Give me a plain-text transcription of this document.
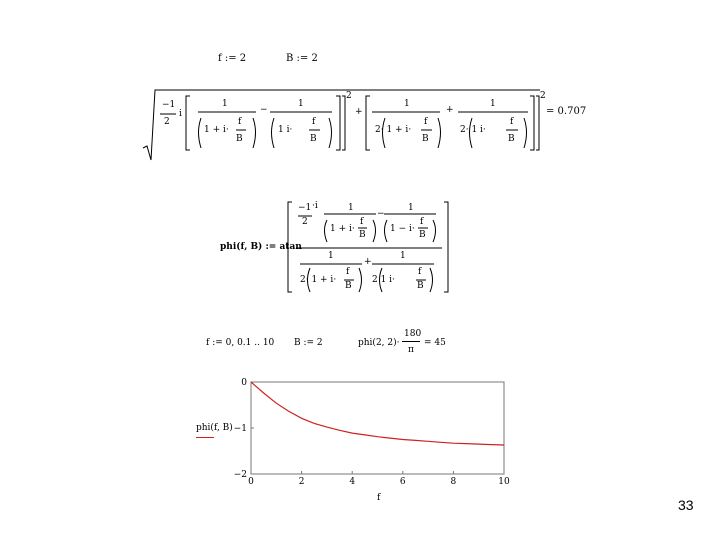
f := 2	B := 2
−1
2
i
1
1 + i·
f
B
−
1
1 i·
f
B
2
+
1
2· 1 + i·
f
B
+
1
2· 1 i·
f
B
2
= 0.707
phi(f, B) := atan
−1 ·i
2
1
1 + i·
f
B
−
1
1 − i·
f
B
1
2· 1 + i·
f
B
+
1
2 1 i·
f
B
f := 0, 0.1 .. 10 B := 2	phi(2, 2)·
180
π
= 45
0	2	4	6	8	10
0
−1
−2
phi(f, B)
f	33
